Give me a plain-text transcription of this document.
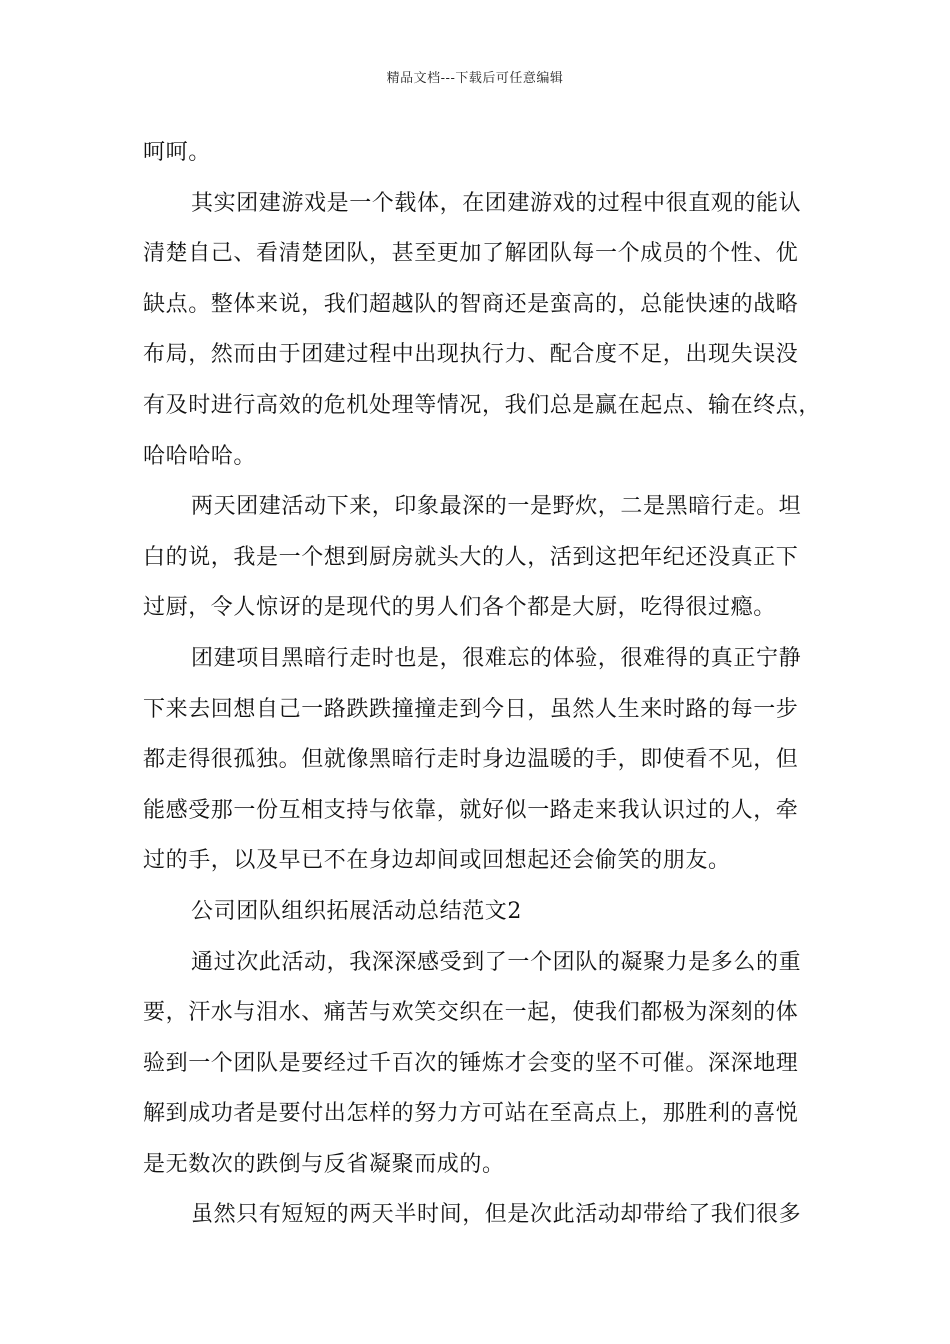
精品文档---下载后可任意编辑
呵呵。
其实团建游戏是一个载体，在团建游戏的过程中很直观的能认
清楚自己、看清楚团队，甚至更加了解团队每一个成员的个性、优
缺点。整体来说，我们超越队的智商还是蛮高的，总能快速的战略
布局，然而由于团建过程中出现执行力、配合度不足，出现失误没
有及时进行高效的危机处理等情况，我们总是赢在起点、输在终点，
哈哈哈哈。
两天团建活动下来，印象最深的一是野炊，二是黑暗行走。坦
白的说，我是一个想到厨房就头大的人，活到这把年纪还没真正下
过厨，令人惊讶的是现代的男人们各个都是大厨，吃得很过瘾。
团建项目黑暗行走时也是，很难忘的体验，很难得的真正宁静
下来去回想自己一路跌跌撞撞走到今日，虽然人生来时路的每一步
都走得很孤独。但就像黑暗行走时身边温暖的手，即使看不见，但
能感受那一份互相支持与依靠，就好似一路走来我认识过的人，牵
过的手，以及早已不在身边却间或回想起还会偷笑的朋友。
公司团队组织拓展活动总结范文2
通过次此活动，我深深感受到了一个团队的凝聚力是多么的重
要，汗水与泪水、痛苦与欢笑交织在一起，使我们都极为深刻的体
验到一个团队是要经过千百次的锤炼才会变的坚不可催。深深地理
解到成功者是要付出怎样的努力方可站在至高点上，那胜利的喜悦
是无数次的跌倒与反省凝聚而成的。
虽然只有短短的两天半时间，但是次此活动却带给了我们很多
